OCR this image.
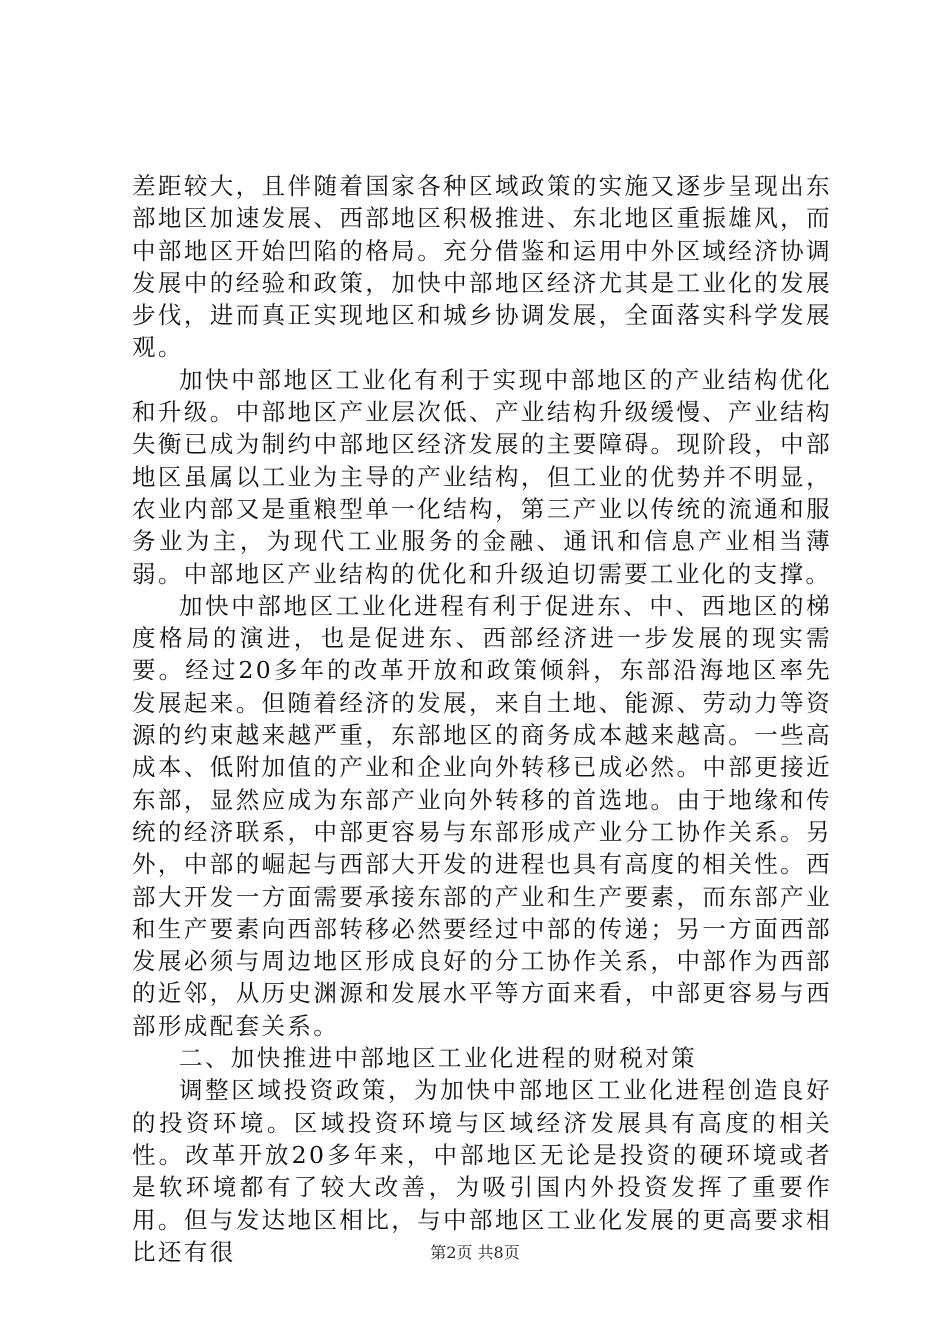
差距较大，且伴随着国家各种区域政策的实施又逐步呈现出东部地区加速发展、西部地区积极推进、东北地区重振雄风，而中部地区开始凹陷的格局。充分借鉴和运用中外区域经济协调发展中的经验和政策，加快中部地区经济尤其是工业化的发展步伐，进而真正实现地区和城乡协调发展，全面落实科学发展观。

加快中部地区工业化有利于实现中部地区的产业结构优化和升级。中部地区产业层次低、产业结构升级缓慢、产业结构失衡已成为制约中部地区经济发展的主要障碍。现阶段，中部地区虽属以工业为主导的产业结构，但工业的优势并不明显，农业内部又是重粮型单一化结构，第三产业以传统的流通和服务业为主，为现代工业服务的金融、通讯和信息产业相当薄弱。中部地区产业结构的优化和升级迫切需要工业化的支撑。

加快中部地区工业化进程有利于促进东、中、西地区的梯度格局的演进，也是促进东、西部经济进一步发展的现实需要。经过20多年的改革开放和政策倾斜，东部沿海地区率先发展起来。但随着经济的发展，来自土地、能源、劳动力等资源的约束越来越严重，东部地区的商务成本越来越高。一些高成本、低附加值的产业和企业向外转移已成必然。中部更接近东部，显然应成为东部产业向外转移的首选地。由于地缘和传统的经济联系，中部更容易与东部形成产业分工协作关系。另外，中部的崛起与西部大开发的进程也具有高度的相关性。西部大开发一方面需要承接东部的产业和生产要素，而东部产业和生产要素向西部转移必然要经过中部的传递；另一方面西部发展必须与周边地区形成良好的分工协作关系，中部作为西部的近邻，从历史渊源和发展水平等方面来看，中部更容易与西部形成配套关系。

二、加快推进中部地区工业化进程的财税对策

调整区域投资政策，为加快中部地区工业化进程创造良好的投资环境。区域投资环境与区域经济发展具有高度的相关性。改革开放20多年来，中部地区无论是投资的硬环境或者是软环境都有了较大改善，为吸引国内外投资发挥了重要作用。但与发达地区相比，与中部地区工业化发展的更高要求相比还有很	第2页 共8页
